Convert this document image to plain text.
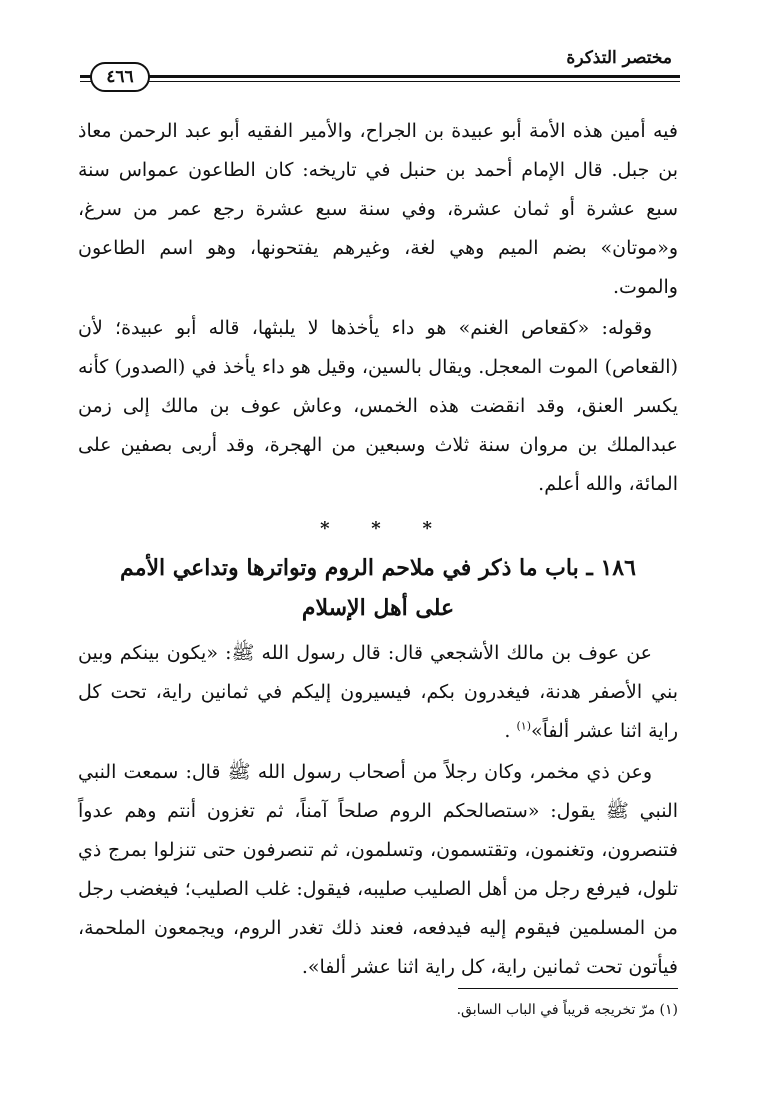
مختصر التذكرة
٤٦٦

فيه أمين هذه الأمة أبو عبيدة بن الجراح، والأمير الفقيه أبو عبد الرحمن معاذ بن جبل. قال الإمام أحمد بن حنبل في تاريخه: كان الطاعون عمواس سنة سبع عشرة أو ثمان عشرة، وفي سنة سبع عشرة رجع عمر من سرغ، و«موتان» بضم الميم وهي لغة، وغيرهم يفتحونها، وهو اسم الطاعون والموت.

وقوله: «كقعاص الغنم» هو داء يأخذها لا يلبثها، قاله أبو عبيدة؛ لأن (القعاص) الموت المعجل. ويقال بالسين، وقيل هو داء يأخذ في (الصدور) كأنه يكسر العنق، وقد انقضت هذه الخمس، وعاش عوف بن مالك إلى زمن عبدالملك بن مروان سنة ثلاث وسبعين من الهجرة، وقد أربى بصفين على المائة، والله أعلم.

* * *
١٨٦ ـ باب ما ذكر في ملاحم الروم وتواترها وتداعي الأمم
على أهل الإسلام

عن عوف بن مالك الأشجعي قال: قال رسول الله ﷺ: «يكون بينكم وبين بني الأصفر هدنة، فيغدرون بكم، فيسيرون إليكم في ثمانين راية، تحت كل راية اثنا عشر ألفاً»$^{(١)}$ .

وعن ذي مخمر، وكان رجلاً من أصحاب رسول الله ﷺ قال: سمعت النبي النبي ﷺ يقول: «ستصالحكم الروم صلحاً آمناً، ثم تغزون أنتم وهم عدواً فتنصرون، وتغنمون، وتقتسمون، وتسلمون، ثم تنصرفون حتى تنزلوا بمرج ذي تلول، فيرفع رجل من أهل الصليب صليبه، فيقول: غلب الصليب؛ فيغضب رجل من المسلمين فيقوم إليه فيدفعه، فعند ذلك تغدر الروم، ويجمعون الملحمة، فيأتون تحت ثمانين راية، كل راية اثنا عشر ألفا».

(١) مرّ تخريجه قريباً في الباب السابق.
